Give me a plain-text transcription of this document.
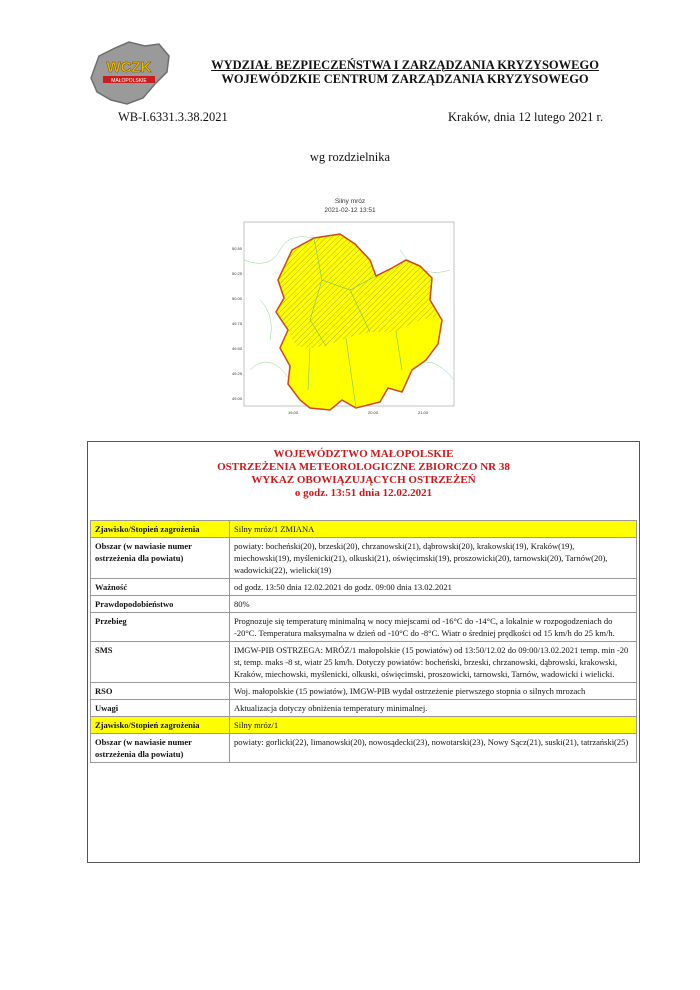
WCZK
MAŁOPOLSKIE
WYDZIAŁ BEZPIECZEŃSTWA I ZARZĄDZANIA KRYZYSOWEGO
WOJEWÓDZKIE CENTRUM ZARZĄDZANIA KRYZYSOWEGO
WB-I.6331.3.38.2021	Kraków, dnia 12 lutego 2021 r.
wg rozdzielnika
Silny mróz
2021-02-12 13:51
50.50
50.25
50.00
49.75
49.50
49.25
49.00
19.00	20.00	21.00
WOJEWÓDZTWO MAŁOPOLSKIE
OSTRZEŻENIA METEOROLOGICZNE ZBIORCZO NR 38
WYKAZ OBOWIĄZUJĄCYCH OSTRZEŻEŃ
o godz. 13:51 dnia 12.02.2021
Zjawisko/Stopień zagrożenia	Silny mróz/1 ZMIANA
Obszar (w nawiasie numer ostrzeżenia dla powiatu)	powiaty: bocheński(20), brzeski(20), chrzanowski(21), dąbrowski(20), krakowski(19), Kraków(19), miechowski(19), myślenicki(21), olkuski(21), oświęcimski(19), proszowicki(20), tarnowski(20), Tarnów(20), wadowicki(22), wielicki(19)
Ważność	od godz. 13:50 dnia 12.02.2021 do godz. 09:00 dnia 13.02.2021
Prawdopodobieństwo	80%
Przebieg	Prognozuje się temperaturę minimalną w nocy miejscami od -16°C do -14°C, a lokalnie w rozpogodzeniach do -20°C. Temperatura maksymalna w dzień od -10°C do -8°C. Wiatr o średniej prędkości od 15 km/h do 25 km/h.
SMS	IMGW-PIB OSTRZEGA: MRÓZ/1 małopolskie (15 powiatów) od 13:50/12.02 do 09:00/13.02.2021 temp. min -20 st, temp. maks -8 st, wiatr 25 km/h. Dotyczy powiatów: bocheński, brzeski, chrzanowski, dąbrowski, krakowski, Kraków, miechowski, myślenicki, olkuski, oświęcimski, proszowicki, tarnowski, Tarnów, wadowicki i wielicki.
RSO	Woj. małopolskie (15 powiatów), IMGW-PIB wydał ostrzeżenie pierwszego stopnia o silnych mrozach
Uwagi	Aktualizacja dotyczy obniżenia temperatury minimalnej.
Zjawisko/Stopień zagrożenia	Silny mróz/1
Obszar (w nawiasie numer ostrzeżenia dla powiatu)	powiaty: gorlicki(22), limanowski(20), nowosądecki(23), nowotarski(23), Nowy Sącz(21), suski(21), tatrzański(25)
